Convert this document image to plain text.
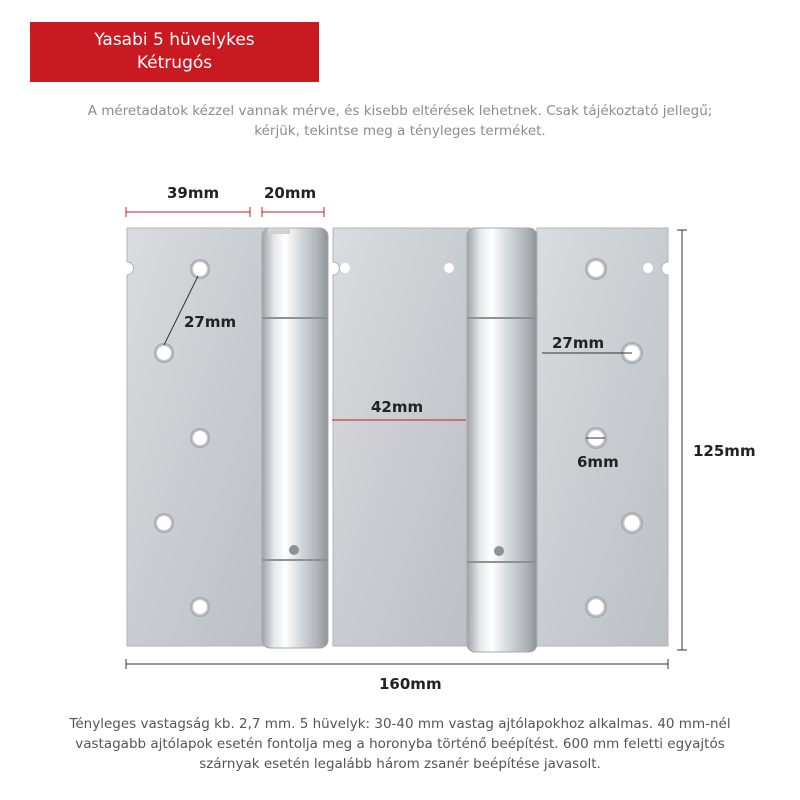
Yasabi 5 hüvelykes
Kétrugós
A méretadatok kézzel vannak mérve, és kisebb eltérések lehetnek. Csak tájékoztató jellegű;
kérjük, tekintse meg a tényleges terméket.
39mm	20mm
27mm
42mm
27mm
6mm
125mm
160mm
Tényleges vastagság kb. 2,7 mm. 5 hüvelyk: 30-40 mm vastag ajtólapokhoz alkalmas. 40 mm-nél
vastagabb ajtólapok esetén fontolja meg a horonyba történő beépítést. 600 mm feletti egyajtós
szárnyak esetén legalább három zsanér beépítése javasolt.
